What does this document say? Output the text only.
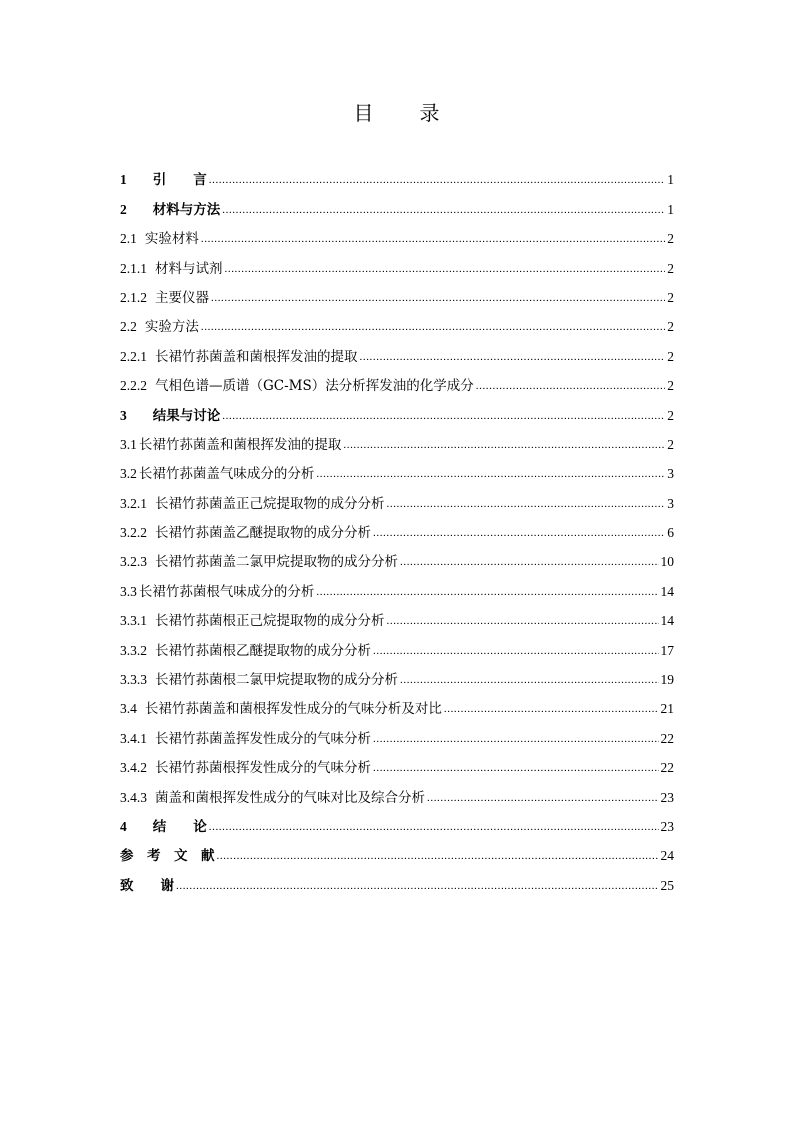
目 录
1 引　　言 .....	1
2 材料与方法 .....	1
2.1 实验材料 .....	2
2.1.1 材料与试剂 .....	2
2.1.2 主要仪器 .....	2
2.2 实验方法 .....	2
2.2.1 长裙竹荪菌盖和菌根挥发油的提取 .....	2
2.2.2 气相色谱—质谱（GC-MS）法分析挥发油的化学成分 .....	2
3 结果与讨论 .....	2
3.1 长裙竹荪菌盖和菌根挥发油的提取 .....	2
3.2 长裙竹荪菌盖气味成分的分析 .....	3
3.2.1 长裙竹荪菌盖正己烷提取物的成分分析 .....	3
3.2.2 长裙竹荪菌盖乙醚提取物的成分分析 .....	6
3.2.3 长裙竹荪菌盖二氯甲烷提取物的成分分析 .....	10
3.3 长裙竹荪菌根气味成分的分析 .....	14
3.3.1 长裙竹荪菌根正己烷提取物的成分分析 .....	14
3.3.2 长裙竹荪菌根乙醚提取物的成分分析 .....	17
3.3.3 长裙竹荪菌根二氯甲烷提取物的成分分析 .....	19
3.4 长裙竹荪菌盖和菌根挥发性成分的气味分析及对比 .....	21
3.4.1 长裙竹荪菌盖挥发性成分的气味分析 .....	22
3.4.2 长裙竹荪菌根挥发性成分的气味分析 .....	22
3.4.3 菌盖和菌根挥发性成分的气味对比及综合分析 .....	23
4 结　　论 .....	23
参　考　文　献 .....	24
致　　谢 .....	25
